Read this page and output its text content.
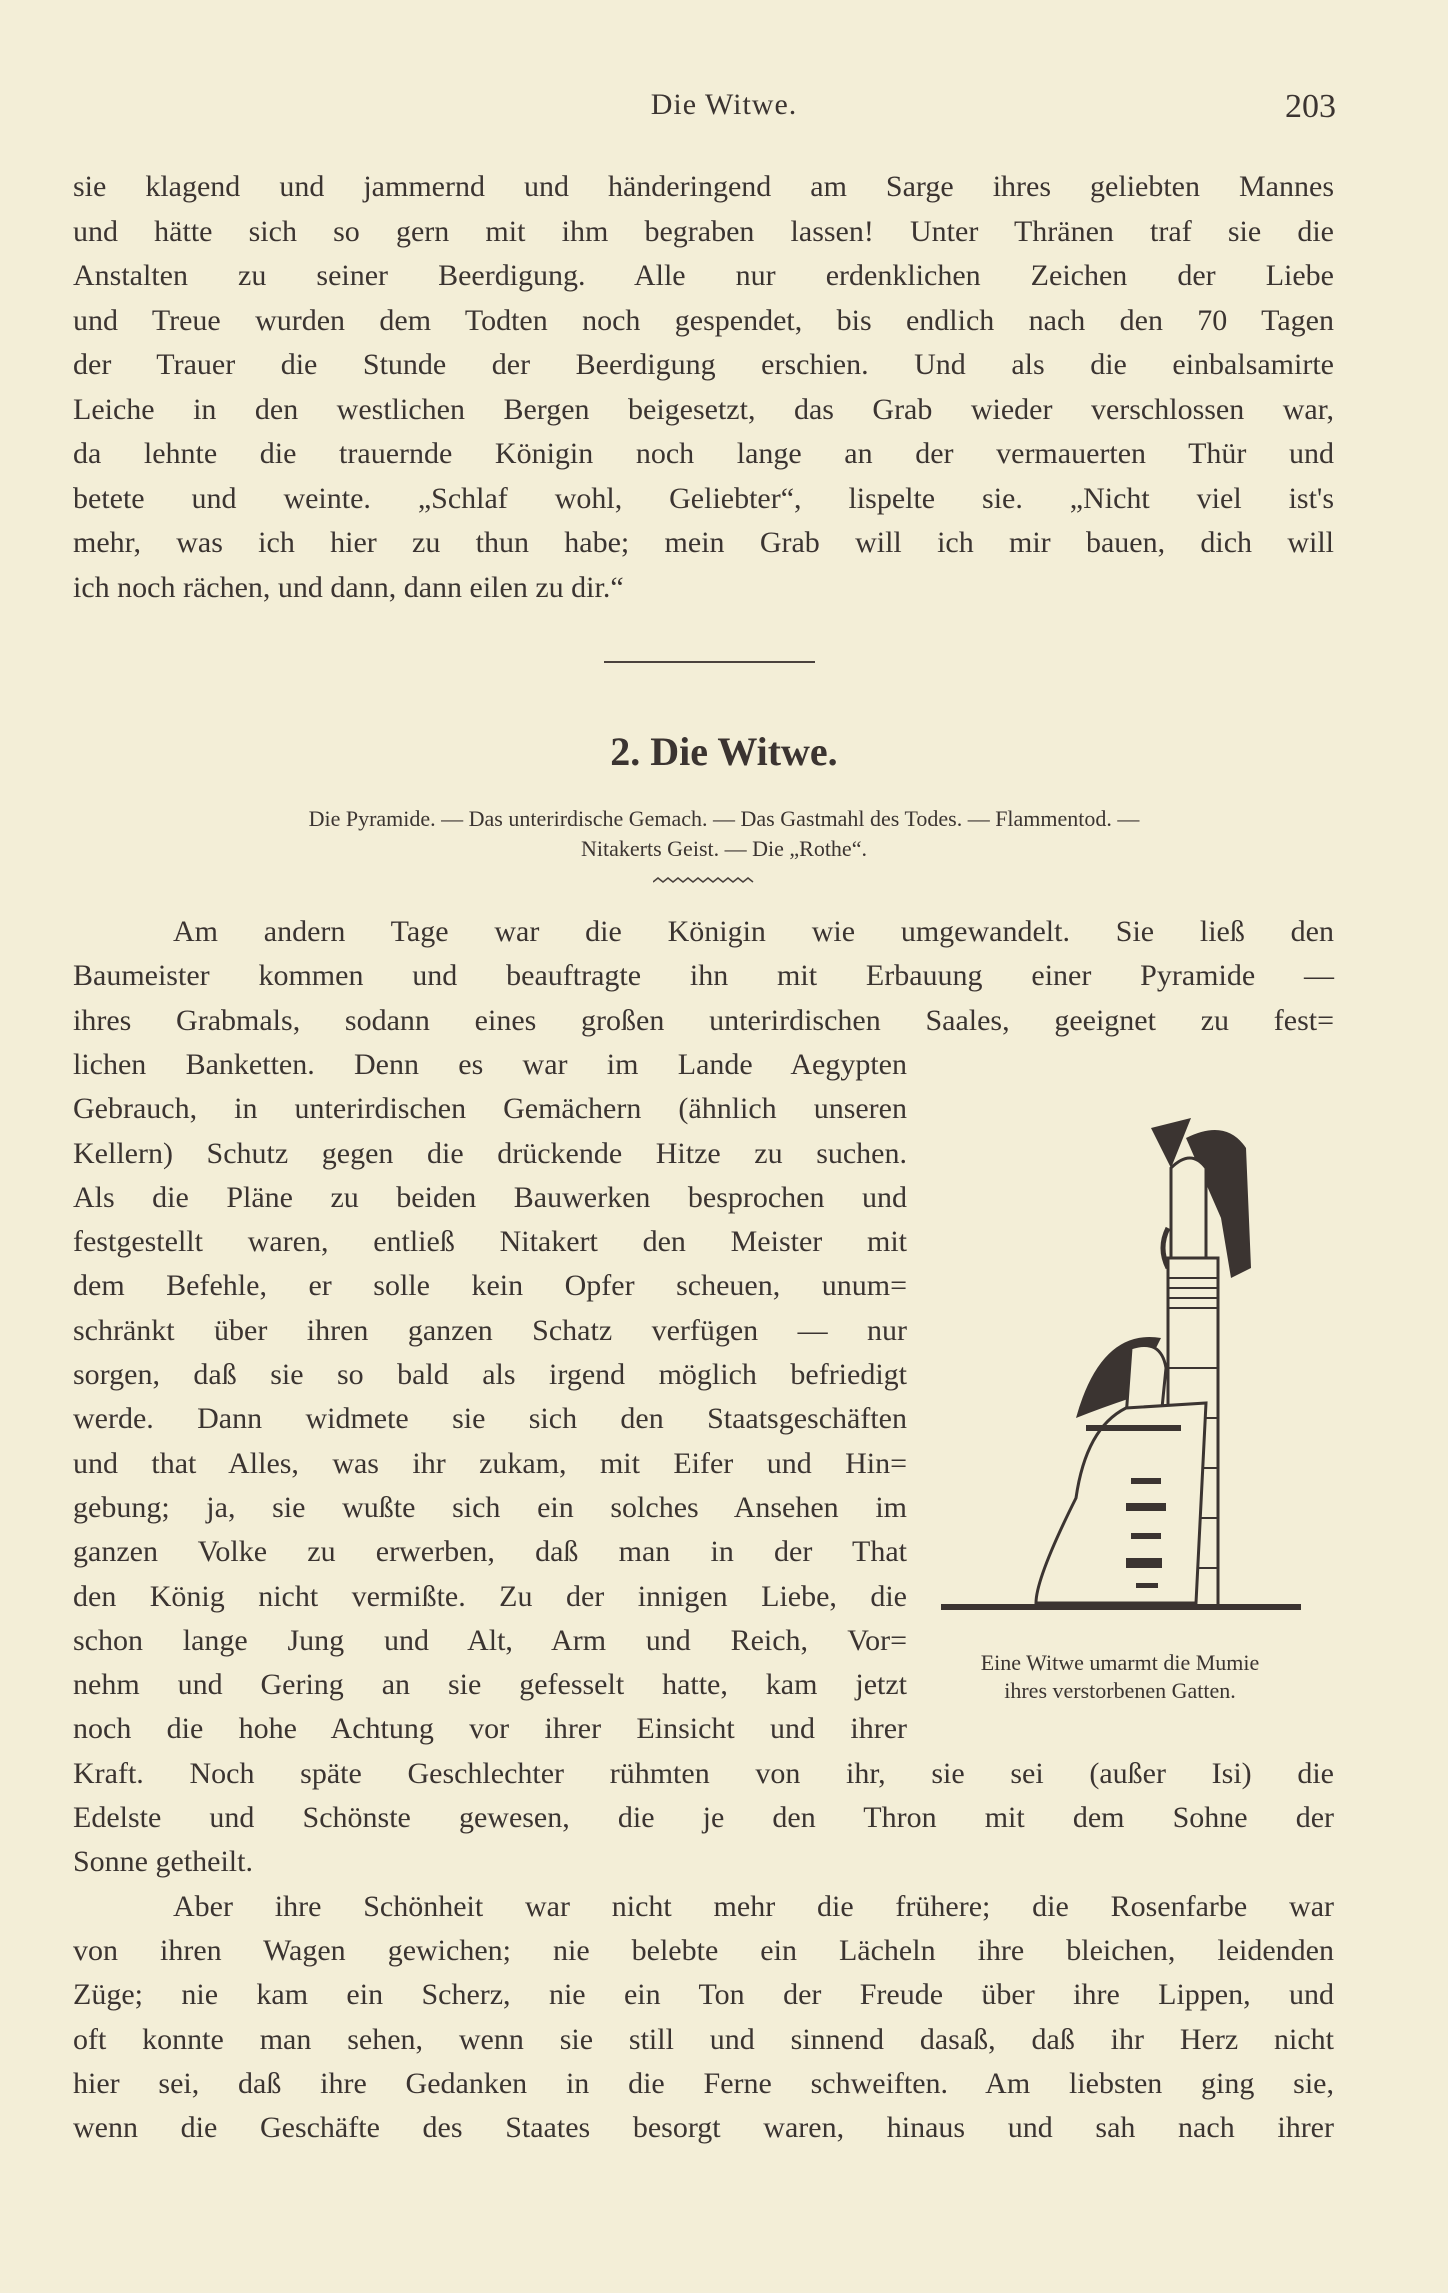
Die Witwe.	203
sie klagend und jammernd und händeringend am Sarge ihres geliebten Mannes
und hätte sich so gern mit ihm begraben lassen! Unter Thränen traf sie die
Anstalten zu seiner Beerdigung. Alle nur erdenklichen Zeichen der Liebe
und Treue wurden dem Todten noch gespendet, bis endlich nach den 70 Tagen
der Trauer die Stunde der Beerdigung erschien. Und als die einbalsamirte
Leiche in den westlichen Bergen beigesetzt, das Grab wieder verschlossen war,
da lehnte die trauernde Königin noch lange an der vermauerten Thür und
betete und weinte. „Schlaf wohl, Geliebter“, lispelte sie. „Nicht viel ist's
mehr, was ich hier zu thun habe; mein Grab will ich mir bauen, dich will
ich noch rächen, und dann, dann eilen zu dir.“
2. Die Witwe.
Die Pyramide. — Das unterirdische Gemach. — Das Gastmahl des Todes. — Flammentod. —
Nitakerts Geist. — Die „Rothe“.
Am andern Tage war die Königin wie umgewandelt. Sie ließ den
Baumeister kommen und beauftragte ihn mit Erbauung einer Pyramide —
ihres Grabmals, sodann eines großen unterirdischen Saales, geeignet zu fest=
lichen Banketten. Denn es war im Lande Aegypten
Gebrauch, in unterirdischen Gemächern (ähnlich unseren
Kellern) Schutz gegen die drückende Hitze zu suchen.
Als die Pläne zu beiden Bauwerken besprochen und
festgestellt waren, entließ Nitakert den Meister mit
dem Befehle, er solle kein Opfer scheuen, unum=
schränkt über ihren ganzen Schatz verfügen — nur
sorgen, daß sie so bald als irgend möglich befriedigt
werde. Dann widmete sie sich den Staatsgeschäften
und that Alles, was ihr zukam, mit Eifer und Hin=
gebung; ja, sie wußte sich ein solches Ansehen im
ganzen Volke zu erwerben, daß man in der That
den König nicht vermißte. Zu der innigen Liebe, die
schon lange Jung und Alt, Arm und Reich, Vor=
nehm und Gering an sie gefesselt hatte, kam jetzt
noch die hohe Achtung vor ihrer Einsicht und ihrer
Kraft. Noch späte Geschlechter rühmten von ihr, sie sei (außer Isi) die
Edelste und Schönste gewesen, die je den Thron mit dem Sohne der
Sonne getheilt.
Aber ihre Schönheit war nicht mehr die frühere; die Rosenfarbe war
von ihren Wagen gewichen; nie belebte ein Lächeln ihre bleichen, leidenden
Züge; nie kam ein Scherz, nie ein Ton der Freude über ihre Lippen, und
oft konnte man sehen, wenn sie still und sinnend dasaß, daß ihr Herz nicht
hier sei, daß ihre Gedanken in die Ferne schweiften. Am liebsten ging sie,
wenn die Geschäfte des Staates besorgt waren, hinaus und sah nach ihrer
Eine Witwe umarmt die Mumie
ihres verstorbenen Gatten.
